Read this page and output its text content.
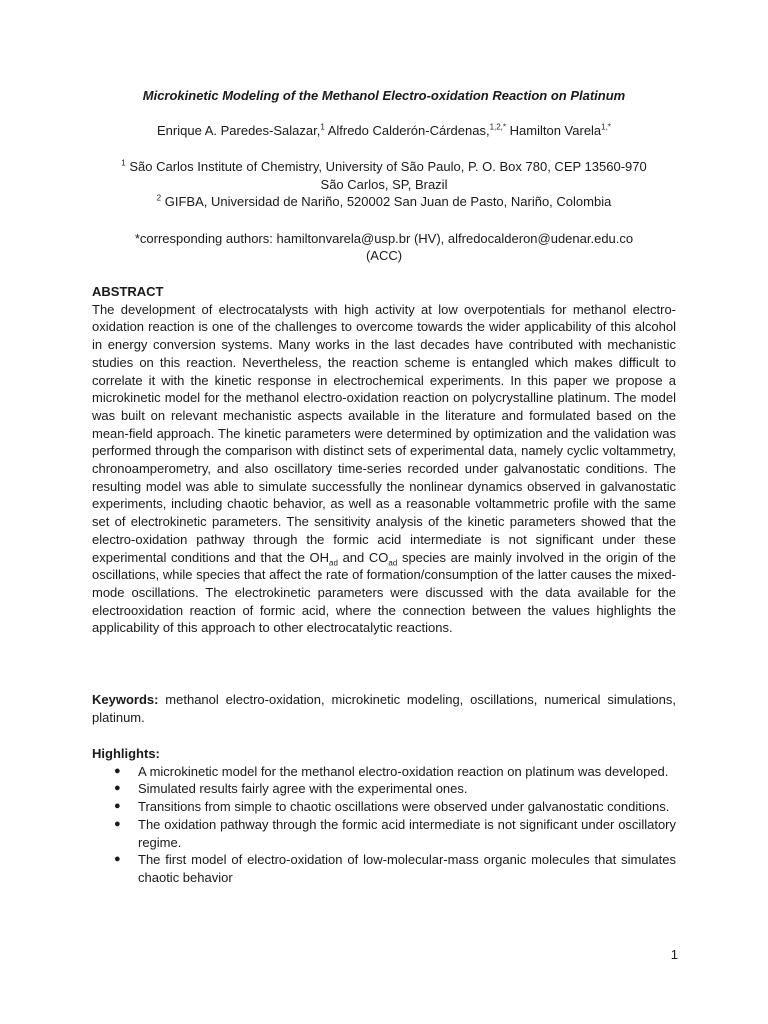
Microkinetic Modeling of the Methanol Electro-oxidation Reaction on Platinum
Enrique A. Paredes-Salazar,$^1$ Alfredo Calderón-Cárdenas,$^{1,2,*}$ Hamilton Varela$^{1,*}$
$^1$ São Carlos Institute of Chemistry, University of São Paulo, P. O. Box 780, CEP 13560-970
São Carlos, SP, Brazil
$^2$ GIFBA, Universidad de Nariño, 520002 San Juan de Pasto, Nariño, Colombia
*corresponding authors: hamiltonvarela@usp.br (HV), alfredocalderon@udenar.edu.co
(ACC)
ABSTRACT
The development of electrocatalysts with high activity at low overpotentials for methanol electro-oxidation reaction is one of the challenges to overcome towards the wider applicability of this alcohol in energy conversion systems. Many works in the last decades have contributed with mechanistic studies on this reaction. Nevertheless, the reaction scheme is entangled which makes difficult to correlate it with the kinetic response in electrochemical experiments. In this paper we propose a microkinetic model for the methanol electro-oxidation reaction on polycrystalline platinum. The model was built on relevant mechanistic aspects available in the literature and formulated based on the mean-field approach. The kinetic parameters were determined by optimization and the validation was performed through the comparison with distinct sets of experimental data, namely cyclic voltammetry, chronoamperometry, and also oscillatory time-series recorded under galvanostatic conditions. The resulting model was able to simulate successfully the nonlinear dynamics observed in galvanostatic experiments, including chaotic behavior, as well as a reasonable voltammetric profile with the same set of electrokinetic parameters. The sensitivity analysis of the kinetic parameters showed that the electro-oxidation pathway through the formic acid intermediate is not significant under these experimental conditions and that the $OH_{ad}$ and $CO_{ad}$ species are mainly involved in the origin of the oscillations, while species that affect the rate of formation/consumption of the latter causes the mixed-mode oscillations. The electrokinetic parameters were discussed with the data available for the electrooxidation reaction of formic acid, where the connection between the values highlights the applicability of this approach to other electrocatalytic reactions.
Keywords: methanol electro-oxidation, microkinetic modeling, oscillations, numerical simulations, platinum.
Highlights:
● A microkinetic model for the methanol electro-oxidation reaction on platinum was developed.
● Simulated results fairly agree with the experimental ones.
● Transitions from simple to chaotic oscillations were observed under galvanostatic conditions.
● The oxidation pathway through the formic acid intermediate is not significant under oscillatory regime.
● The first model of electro-oxidation of low-molecular-mass organic molecules that simulates chaotic behavior
1
